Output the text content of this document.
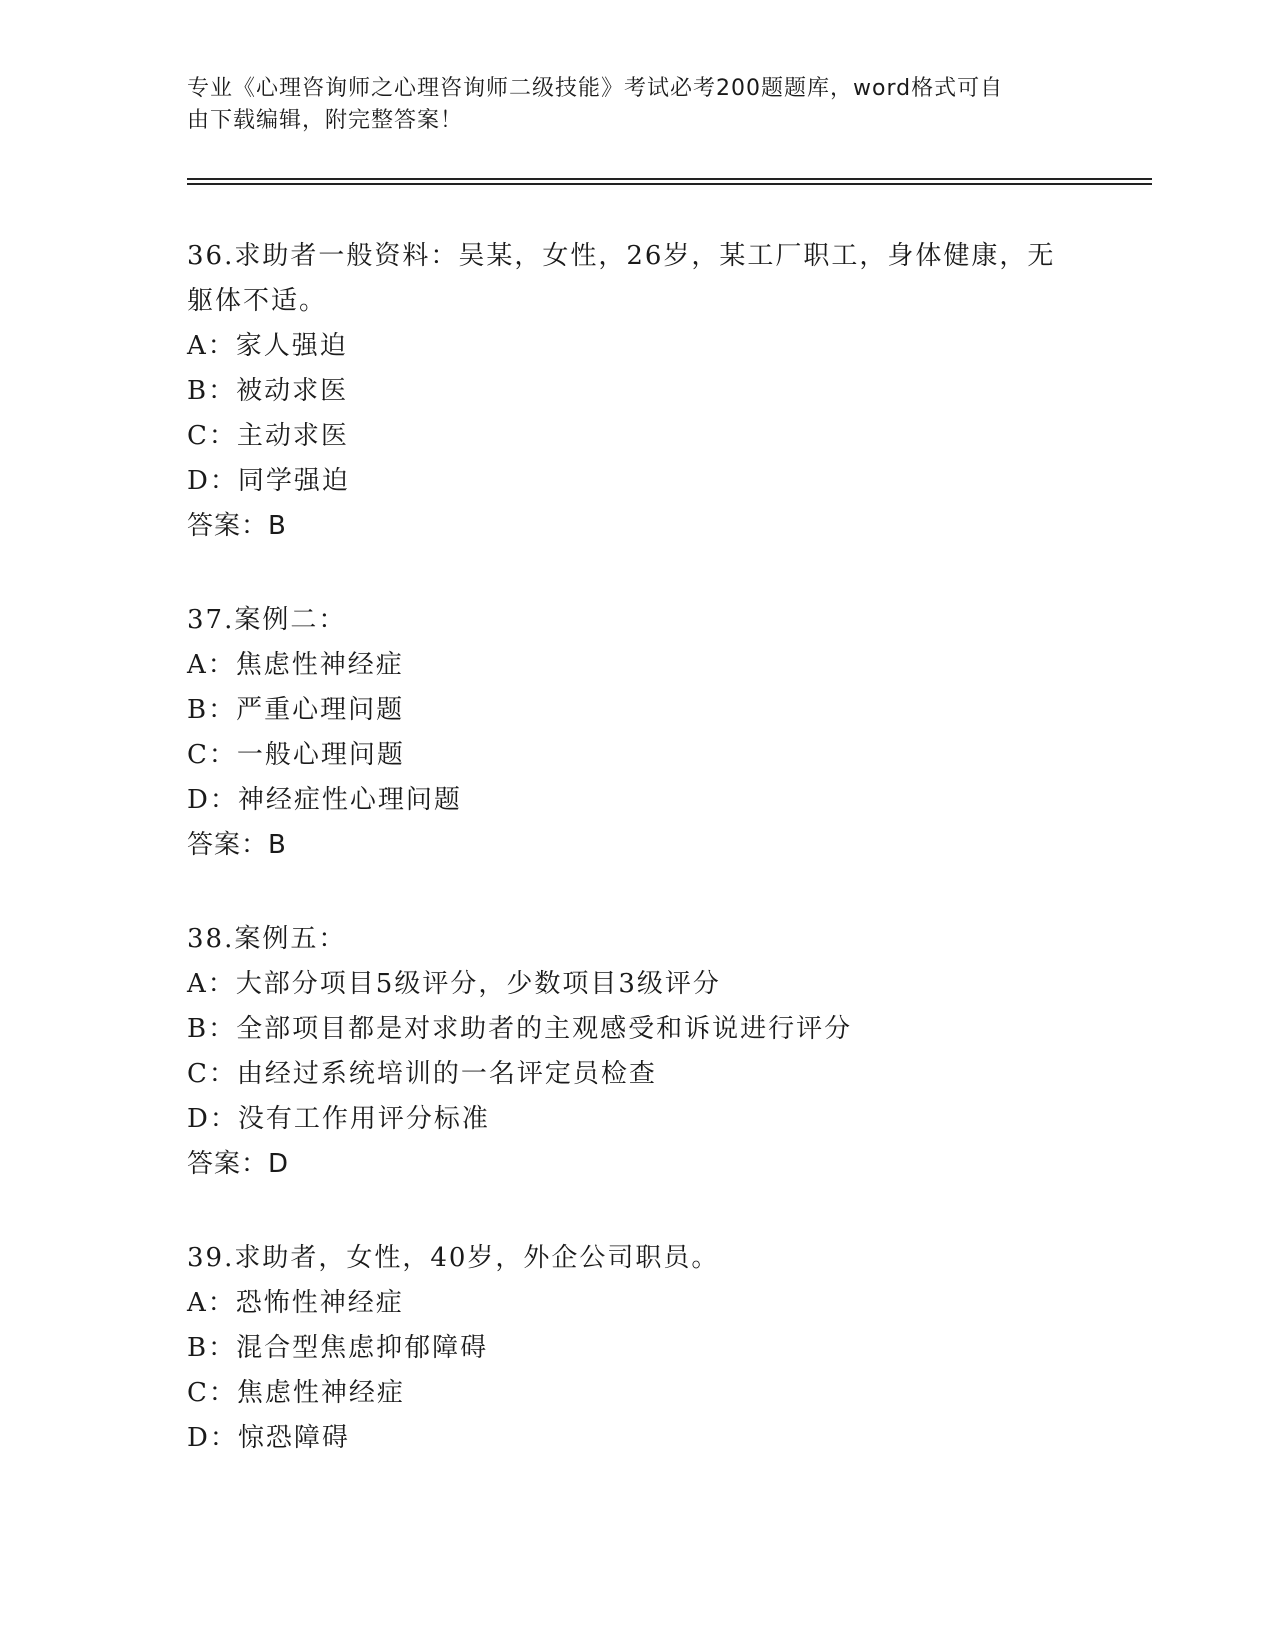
专业《心理咨询师之心理咨询师二级技能》考试必考200题题库，word格式可自
由下载编辑，附完整答案！
36.求助者一般资料：吴某，女性，26岁，某工厂职工，身体健康，无
躯体不适。
A：家人强迫
B：被动求医
C：主动求医
D：同学强迫
答案：B
37.案例二：
A：焦虑性神经症
B：严重心理问题
C：一般心理问题
D：神经症性心理问题
答案：B
38.案例五：
A：大部分项目5级评分，少数项目3级评分
B：全部项目都是对求助者的主观感受和诉说进行评分
C：由经过系统培训的一名评定员检查
D：没有工作用评分标准
答案：D
39.求助者，女性，40岁，外企公司职员。
A：恐怖性神经症
B：混合型焦虑抑郁障碍
C：焦虑性神经症
D：惊恐障碍
